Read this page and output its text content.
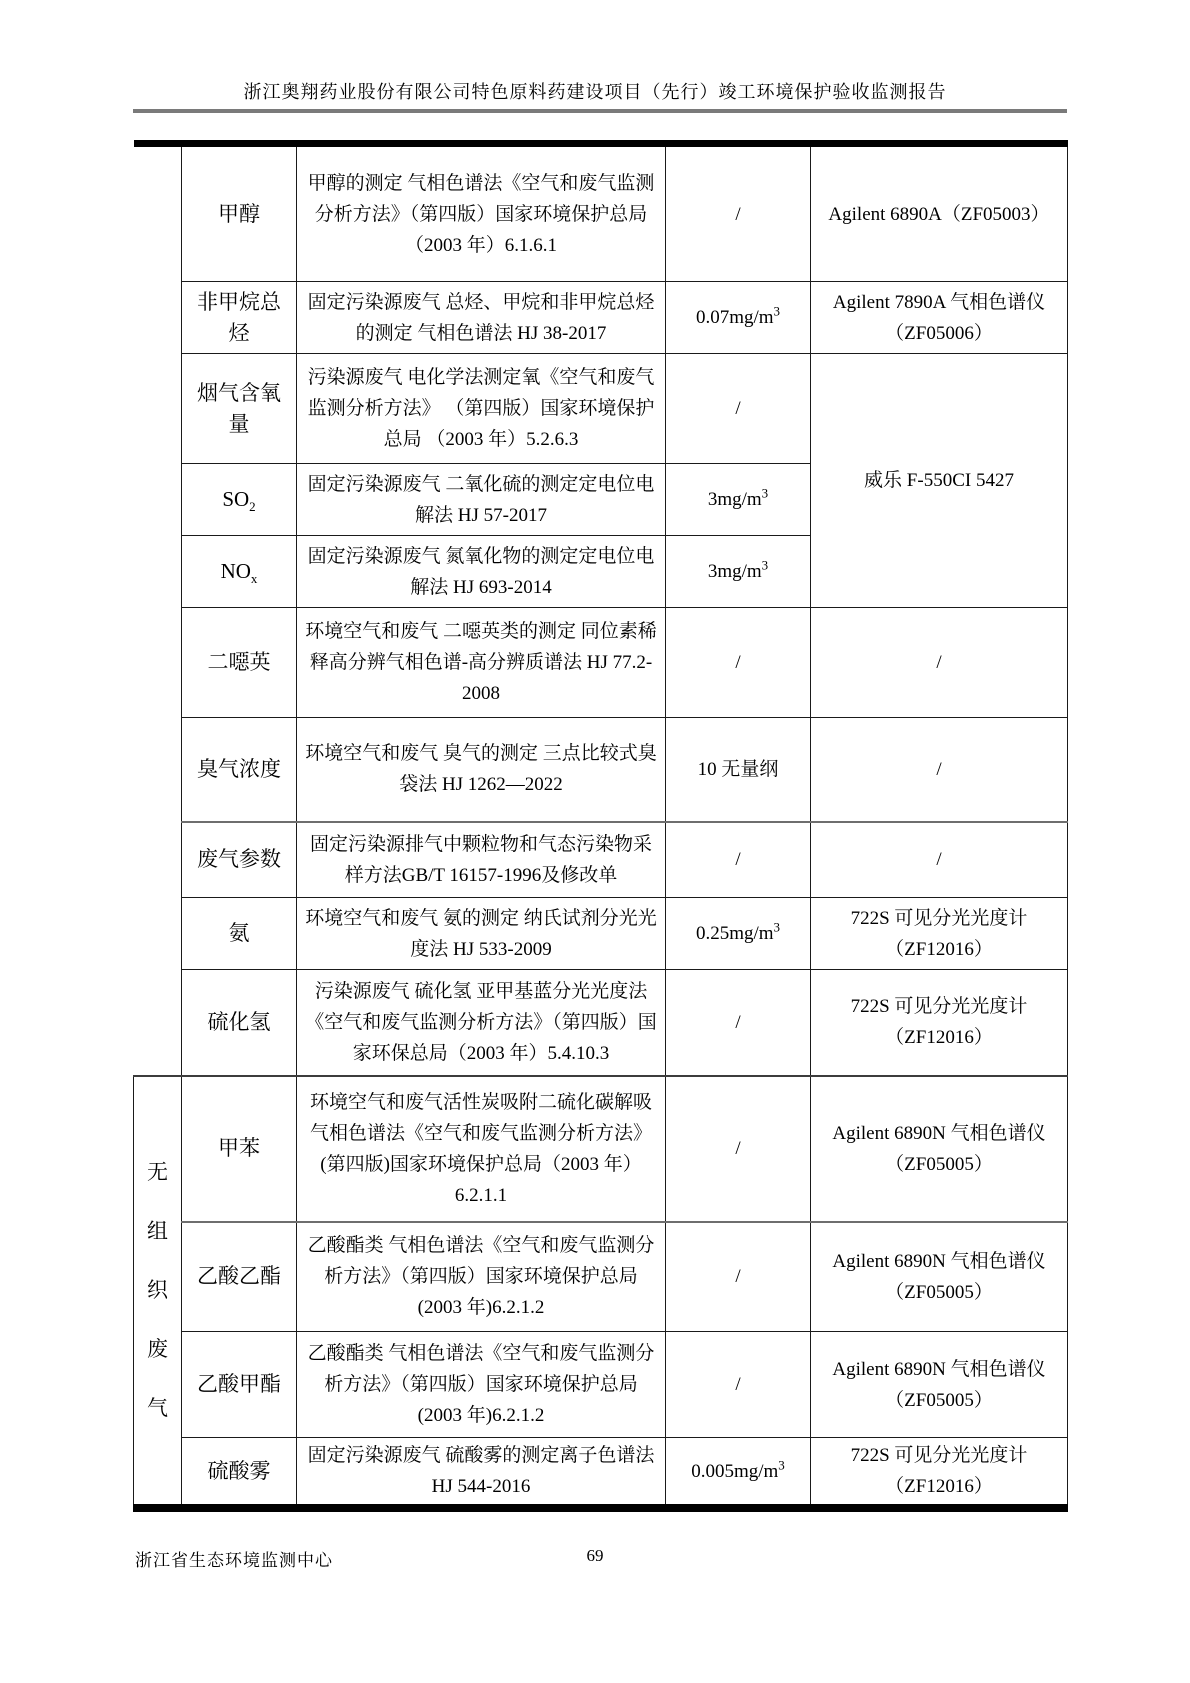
浙江奥翔药业股份有限公司特色原料药建设项目（先行）竣工环境保护验收监测报告
	甲醇	甲醇的测定 气相色谱法《空气和废气监测分析方法》（第四版）国家环境保护总局（2003 年）6.1.6.1	/	Agilent 6890A（ZF05003）
	非甲烷总烃	固定污染源废气 总烃、甲烷和非甲烷总烃的测定 气相色谱法 HJ 38-2017	$0.07mg/m^3$	Agilent 7890A 气相色谱仪（ZF05006）
	烟气含氧量	污染源废气 电化学法测定氧《空气和废气监测分析方法》 （第四版）国家环境保护总局 （2003 年）5.2.6.3	/	威乐 F-550CI 5427
	$SO_2$	固定污染源废气 二氧化硫的测定定电位电解法 HJ 57-2017	$3mg/m^3$
	$NO_x$	固定污染源废气 氮氧化物的测定定电位电解法 HJ 693-2014	$3mg/m^3$
	二噁英	环境空气和废气 二噁英类的测定 同位素稀释高分辨气相色谱-高分辨质谱法 HJ 77.2-2008	/	/
	臭气浓度	环境空气和废气 臭气的测定 三点比较式臭袋法 HJ 1262—2022	10 无量纲	/
	废气参数	固定污染源排气中颗粒物和气态污染物采样方法GB/T 16157-1996及修改单	/	/
	氨	环境空气和废气 氨的测定 纳氏试剂分光光度法 HJ 533-2009	$0.25mg/m^3$	722S 可见分光光度计（ZF12016）
	硫化氢	污染源废气 硫化氢 亚甲基蓝分光光度法《空气和废气监测分析方法》（第四版）国家环保总局（2003 年）5.4.10.3	/	722S 可见分光光度计（ZF12016）

无组织废气	甲苯	环境空气和废气活性炭吸附二硫化碳解吸气相色谱法《空气和废气监测分析方法》 (第四版)国家环境保护总局（2003 年）6.2.1.1	/	Agilent 6890N 气相色谱仪（ZF05005）
	乙酸乙酯	乙酸酯类 气相色谱法《空气和废气监测分析方法》（第四版）国家环境保护总局(2003 年)6.2.1.2	/	Agilent 6890N 气相色谱仪（ZF05005）
	乙酸甲酯	乙酸酯类 气相色谱法《空气和废气监测分析方法》（第四版）国家环境保护总局 (2003 年)6.2.1.2	/	Agilent 6890N 气相色谱仪（ZF05005）
	硫酸雾	固定污染源废气 硫酸雾的测定离子色谱法 HJ 544-2016	$0.005mg/m^3$	722S 可见分光光度计（ZF12016）
浙江省生态环境监测中心	69
